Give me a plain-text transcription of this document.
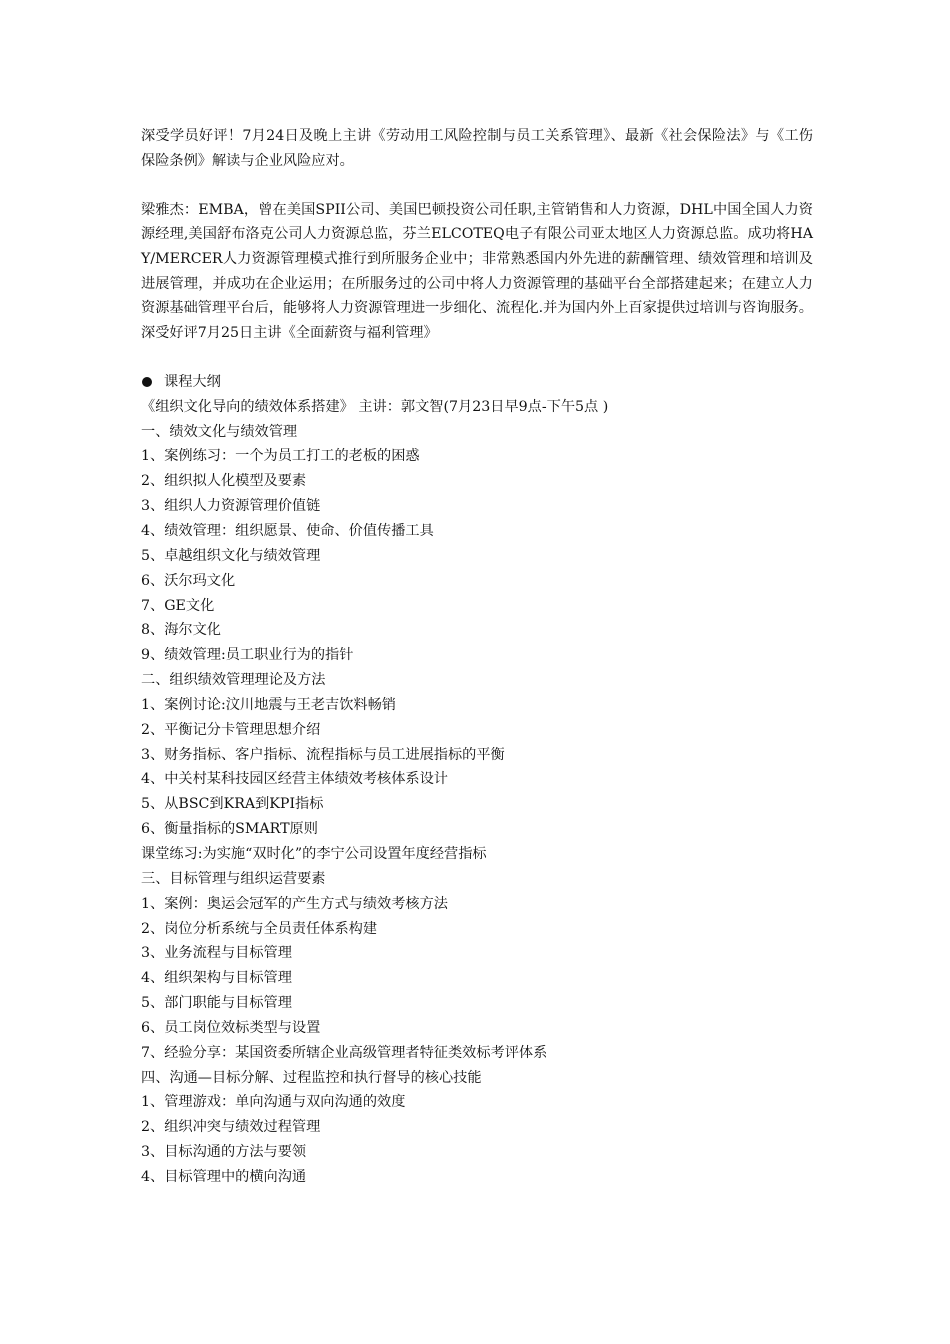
深受学员好评！7月24日及晚上主讲《劳动用工风险控制与员工关系管理》、最新《社会保险法》与《工伤保险条例》解读与企业风险应对。

梁雅杰：EMBA，曾在美国SPII公司、美国巴顿投资公司任职,主管销售和人力资源，DHL中国全国人力资源经理,美国舒布洛克公司人力资源总监，芬兰ELCOTEQ电子有限公司亚太地区人力资源总监。成功将HAY/MERCER人力资源管理模式推行到所服务企业中；非常熟悉国内外先进的薪酬管理、绩效管理和培训及进展管理，并成功在企业运用；在所服务过的公司中将人力资源管理的基础平台全部搭建起来；在建立人力资源基础管理平台后，能够将人力资源管理进一步细化、流程化.并为国内外上百家提供过培训与咨询服务。深受好评7月25日主讲《全面薪资与福利管理》

课程大纲
《组织文化导向的绩效体系搭建》 主讲：郭文智(7月23日早9点-下午5点 )
一、绩效文化与绩效管理
1、案例练习：一个为员工打工的老板的困惑
2、组织拟人化模型及要素
3、组织人力资源管理价值链
4、绩效管理：组织愿景、使命、价值传播工具
5、卓越组织文化与绩效管理
6、沃尔玛文化
7、GE文化
8、海尔文化
9、绩效管理:员工职业行为的指针
二、组织绩效管理理论及方法
1、案例讨论:汶川地震与王老吉饮料畅销
2、平衡记分卡管理思想介绍
3、财务指标、客户指标、流程指标与员工进展指标的平衡
4、中关村某科技园区经营主体绩效考核体系设计
5、从BSC到KRA到KPI指标
6、衡量指标的SMART原则
课堂练习:为实施“双时化”的李宁公司设置年度经营指标
三、目标管理与组织运营要素
1、案例：奥运会冠军的产生方式与绩效考核方法
2、岗位分析系统与全员责任体系构建
3、业务流程与目标管理
4、组织架构与目标管理
5、部门职能与目标管理
6、员工岗位效标类型与设置
7、经验分享：某国资委所辖企业高级管理者特征类效标考评体系
四、沟通—目标分解、过程监控和执行督导的核心技能
1、管理游戏：单向沟通与双向沟通的效度
2、组织冲突与绩效过程管理
3、目标沟通的方法与要领
4、目标管理中的横向沟通
